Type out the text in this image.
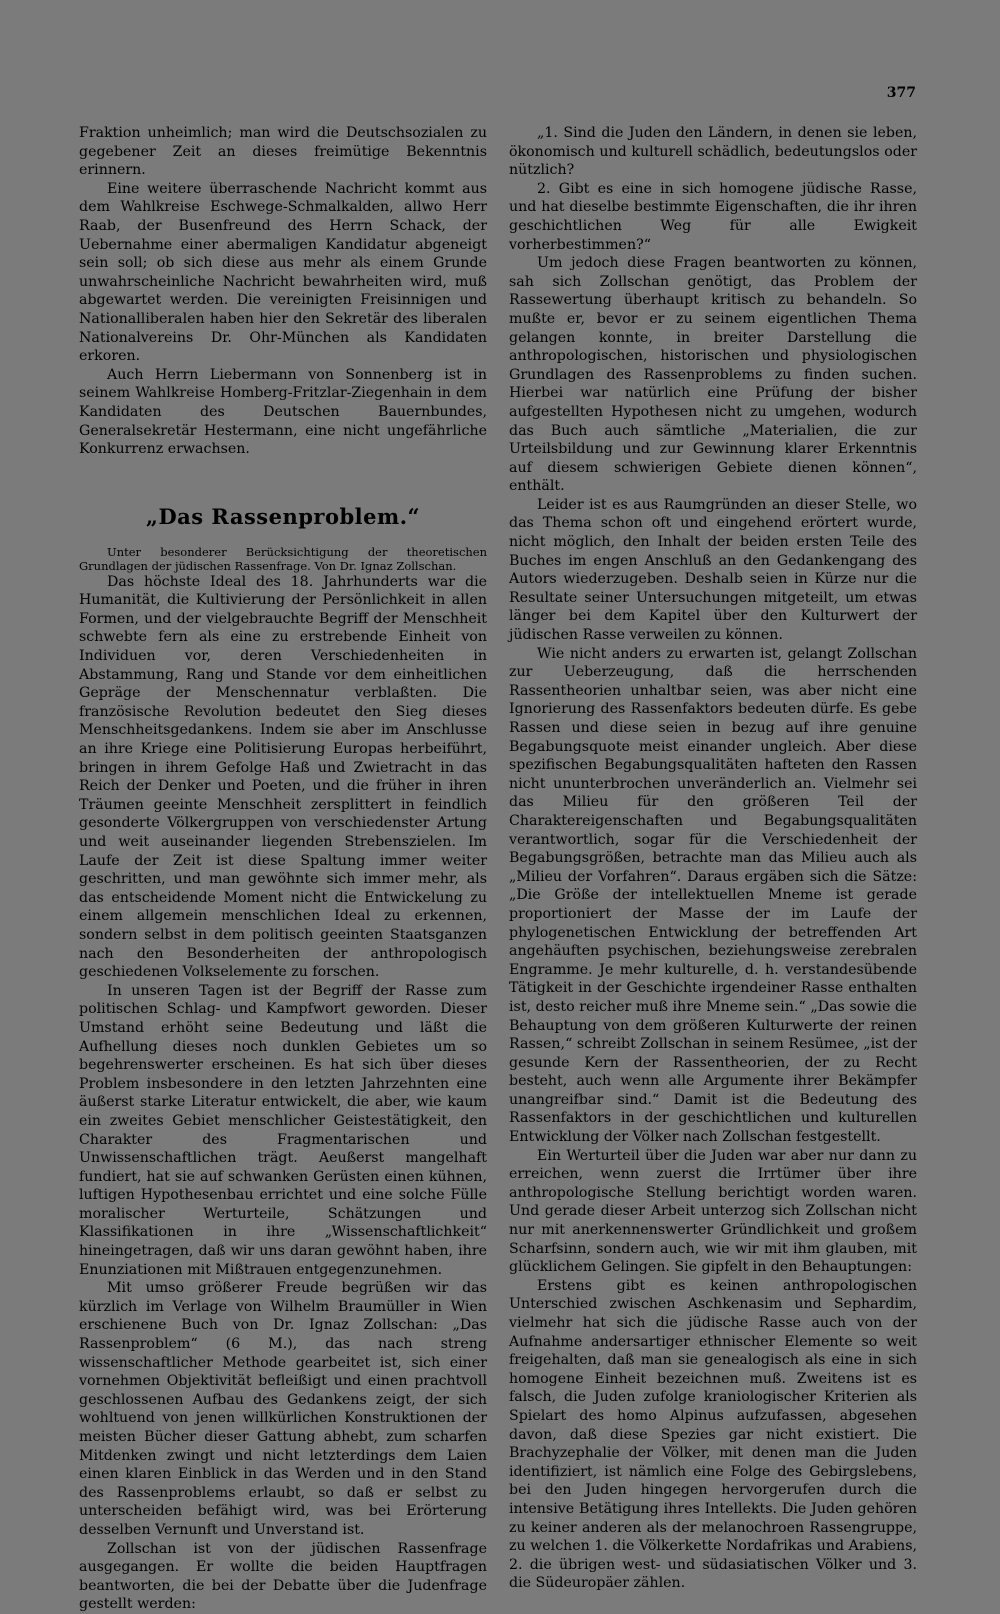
377

Fraktion unheimlich; man wird die Deutschsozialen zu gegebener Zeit an dieses freimütige Bekenntnis erinnern.

Eine weitere überraschende Nachricht kommt aus dem Wahlkreise Eschwege-Schmalkalden, allwo Herr Raab, der Busenfreund des Herrn Schack, der Uebernahme einer abermaligen Kandidatur abgeneigt sein soll; ob sich diese aus mehr als einem Grunde unwahrscheinliche Nachricht bewahrheiten wird, muß abgewartet werden. Die vereinigten Freisinnigen und Nationalliberalen haben hier den Sekretär des liberalen Nationalvereins Dr. Ohr-München als Kandidaten erkoren.

Auch Herrn Liebermann von Sonnenberg ist in seinem Wahlkreise Homberg-Fritzlar-Ziegenhain in dem Kandidaten des Deutschen Bauernbundes, Generalsekretär Hestermann, eine nicht ungefährliche Konkurrenz erwachsen.

„Das Rassenproblem.“

Unter besonderer Berücksichtigung der theoretischen Grundlagen der jüdischen Rassenfrage. Von Dr. Ignaz Zollschan.

Das höchste Ideal des 18. Jahrhunderts war die Humanität, die Kultivierung der Persönlichkeit in allen Formen, und der vielgebrauchte Begriff der Menschheit schwebte fern als eine zu erstrebende Einheit von Individuen vor, deren Verschiedenheiten in Abstammung, Rang und Stande vor dem einheitlichen Gepräge der Menschennatur verblaßten. Die französische Revolution bedeutet den Sieg dieses Menschheitsgedankens. Indem sie aber im Anschlusse an ihre Kriege eine Politisierung Europas herbeiführt, bringen in ihrem Gefolge Haß und Zwietracht in das Reich der Denker und Poeten, und die früher in ihren Träumen geeinte Menschheit zersplittert in feindlich gesonderte Völkergruppen von verschiedenster Artung und weit auseinander liegenden Strebenszielen. Im Laufe der Zeit ist diese Spaltung immer weiter geschritten, und man gewöhnte sich immer mehr, als das entscheidende Moment nicht die Entwickelung zu einem allgemein menschlichen Ideal zu erkennen, sondern selbst in dem politisch geeinten Staatsganzen nach den Besonderheiten der anthropologisch geschiedenen Volkselemente zu forschen.

In unseren Tagen ist der Begriff der Rasse zum politischen Schlag- und Kampfwort geworden. Dieser Umstand erhöht seine Bedeutung und läßt die Aufhellung dieses noch dunklen Gebietes um so begehrenswerter erscheinen. Es hat sich über dieses Problem insbesondere in den letzten Jahrzehnten eine äußerst starke Literatur entwickelt, die aber, wie kaum ein zweites Gebiet menschlicher Geistestätigkeit, den Charakter des Fragmentarischen und Unwissenschaftlichen trägt. Aeußerst mangelhaft fundiert, hat sie auf schwanken Gerüsten einen kühnen, luftigen Hypothesenbau errichtet und eine solche Fülle moralischer Werturteile, Schätzungen und Klassifikationen in ihre „Wissenschaftlichkeit“ hineingetragen, daß wir uns daran gewöhnt haben, ihre Enunziationen mit Mißtrauen entgegenzunehmen.

Mit umso größerer Freude begrüßen wir das kürzlich im Verlage von Wilhelm Braumüller in Wien erschienene Buch von Dr. Ignaz Zollschan: „Das Rassenproblem“ (6 M.), das nach streng wissenschaftlicher Methode gearbeitet ist, sich einer vornehmen Objektivität befleißigt und einen prachtvoll geschlossenen Aufbau des Gedankens zeigt, der sich wohltuend von jenen willkürlichen Konstruktionen der meisten Bücher dieser Gattung abhebt, zum scharfen Mitdenken zwingt und nicht letzterdings dem Laien einen klaren Einblick in das Werden und in den Stand des Rassenproblems erlaubt, so daß er selbst zu unterscheiden befähigt wird, was bei Erörterung desselben Vernunft und Unverstand ist.

Zollschan ist von der jüdischen Rassenfrage ausgegangen. Er wollte die beiden Hauptfragen beantworten, die bei der Debatte über die Judenfrage gestellt werden:

„1. Sind die Juden den Ländern, in denen sie leben, ökonomisch und kulturell schädlich, bedeutungslos oder nützlich?

2. Gibt es eine in sich homogene jüdische Rasse, und hat dieselbe bestimmte Eigenschaften, die ihr ihren geschichtlichen Weg für alle Ewigkeit vorherbestimmen?“

Um jedoch diese Fragen beantworten zu können, sah sich Zollschan genötigt, das Problem der Rassewertung überhaupt kritisch zu behandeln. So mußte er, bevor er zu seinem eigentlichen Thema gelangen konnte, in breiter Darstellung die anthropologischen, historischen und physiologischen Grundlagen des Rassenproblems zu finden suchen. Hierbei war natürlich eine Prüfung der bisher aufgestellten Hypothesen nicht zu umgehen, wodurch das Buch auch sämtliche „Materialien, die zur Urteilsbildung und zur Gewinnung klarer Erkenntnis auf diesem schwierigen Gebiete dienen können“, enthält.

Leider ist es aus Raumgründen an dieser Stelle, wo das Thema schon oft und eingehend erörtert wurde, nicht möglich, den Inhalt der beiden ersten Teile des Buches im engen Anschluß an den Gedankengang des Autors wiederzugeben. Deshalb seien in Kürze nur die Resultate seiner Untersuchungen mitgeteilt, um etwas länger bei dem Kapitel über den Kulturwert der jüdischen Rasse verweilen zu können.

Wie nicht anders zu erwarten ist, gelangt Zollschan zur Ueberzeugung, daß die herrschenden Rassentheorien unhaltbar seien, was aber nicht eine Ignorierung des Rassenfaktors bedeuten dürfe. Es gebe Rassen und diese seien in bezug auf ihre genuine Begabungsquote meist einander ungleich. Aber diese spezifischen Begabungsqualitäten hafteten den Rassen nicht ununterbrochen unveränderlich an. Vielmehr sei das Milieu für den größeren Teil der Charaktereigenschaften und Begabungsqualitäten verantwortlich, sogar für die Verschiedenheit der Begabungsgrößen, betrachte man das Milieu auch als „Milieu der Vorfahren“. Daraus ergäben sich die Sätze: „Die Größe der intellektuellen Mneme ist gerade proportioniert der Masse der im Laufe der phylogenetischen Entwicklung der betreffenden Art angehäuften psychischen, beziehungsweise zerebralen Engramme. Je mehr kulturelle, d. h. verstandesübende Tätigkeit in der Geschichte irgendeiner Rasse enthalten ist, desto reicher muß ihre Mneme sein.“ „Das sowie die Behauptung von dem größeren Kulturwerte der reinen Rassen,“ schreibt Zollschan in seinem Resümee, „ist der gesunde Kern der Rassentheorien, der zu Recht besteht, auch wenn alle Argumente ihrer Bekämpfer unangreifbar sind.“ Damit ist die Bedeutung des Rassenfaktors in der geschichtlichen und kulturellen Entwicklung der Völker nach Zollschan festgestellt.

Ein Werturteil über die Juden war aber nur dann zu erreichen, wenn zuerst die Irrtümer über ihre anthropologische Stellung berichtigt worden waren. Und gerade dieser Arbeit unterzog sich Zollschan nicht nur mit anerkennenswerter Gründlichkeit und großem Scharfsinn, sondern auch, wie wir mit ihm glauben, mit glücklichem Gelingen. Sie gipfelt in den Behauptungen:

Erstens gibt es keinen anthropologischen Unterschied zwischen Aschkenasim und Sephardim, vielmehr hat sich die jüdische Rasse auch von der Aufnahme andersartiger ethnischer Elemente so weit freigehalten, daß man sie genealogisch als eine in sich homogene Einheit bezeichnen muß. Zweitens ist es falsch, die Juden zufolge kraniologischer Kriterien als Spielart des homo Alpinus aufzufassen, abgesehen davon, daß diese Spezies gar nicht existiert. Die Brachyzephalie der Völker, mit denen man die Juden identifiziert, ist nämlich eine Folge des Gebirgslebens, bei den Juden hingegen hervorgerufen durch die intensive Betätigung ihres Intellekts. Die Juden gehören zu keiner anderen als der melanochroen Rassengruppe, zu welchen 1. die Völkerkette Nordafrikas und Arabiens, 2. die übrigen west- und südasiatischen Völker und 3. die Südeuropäer zählen.
